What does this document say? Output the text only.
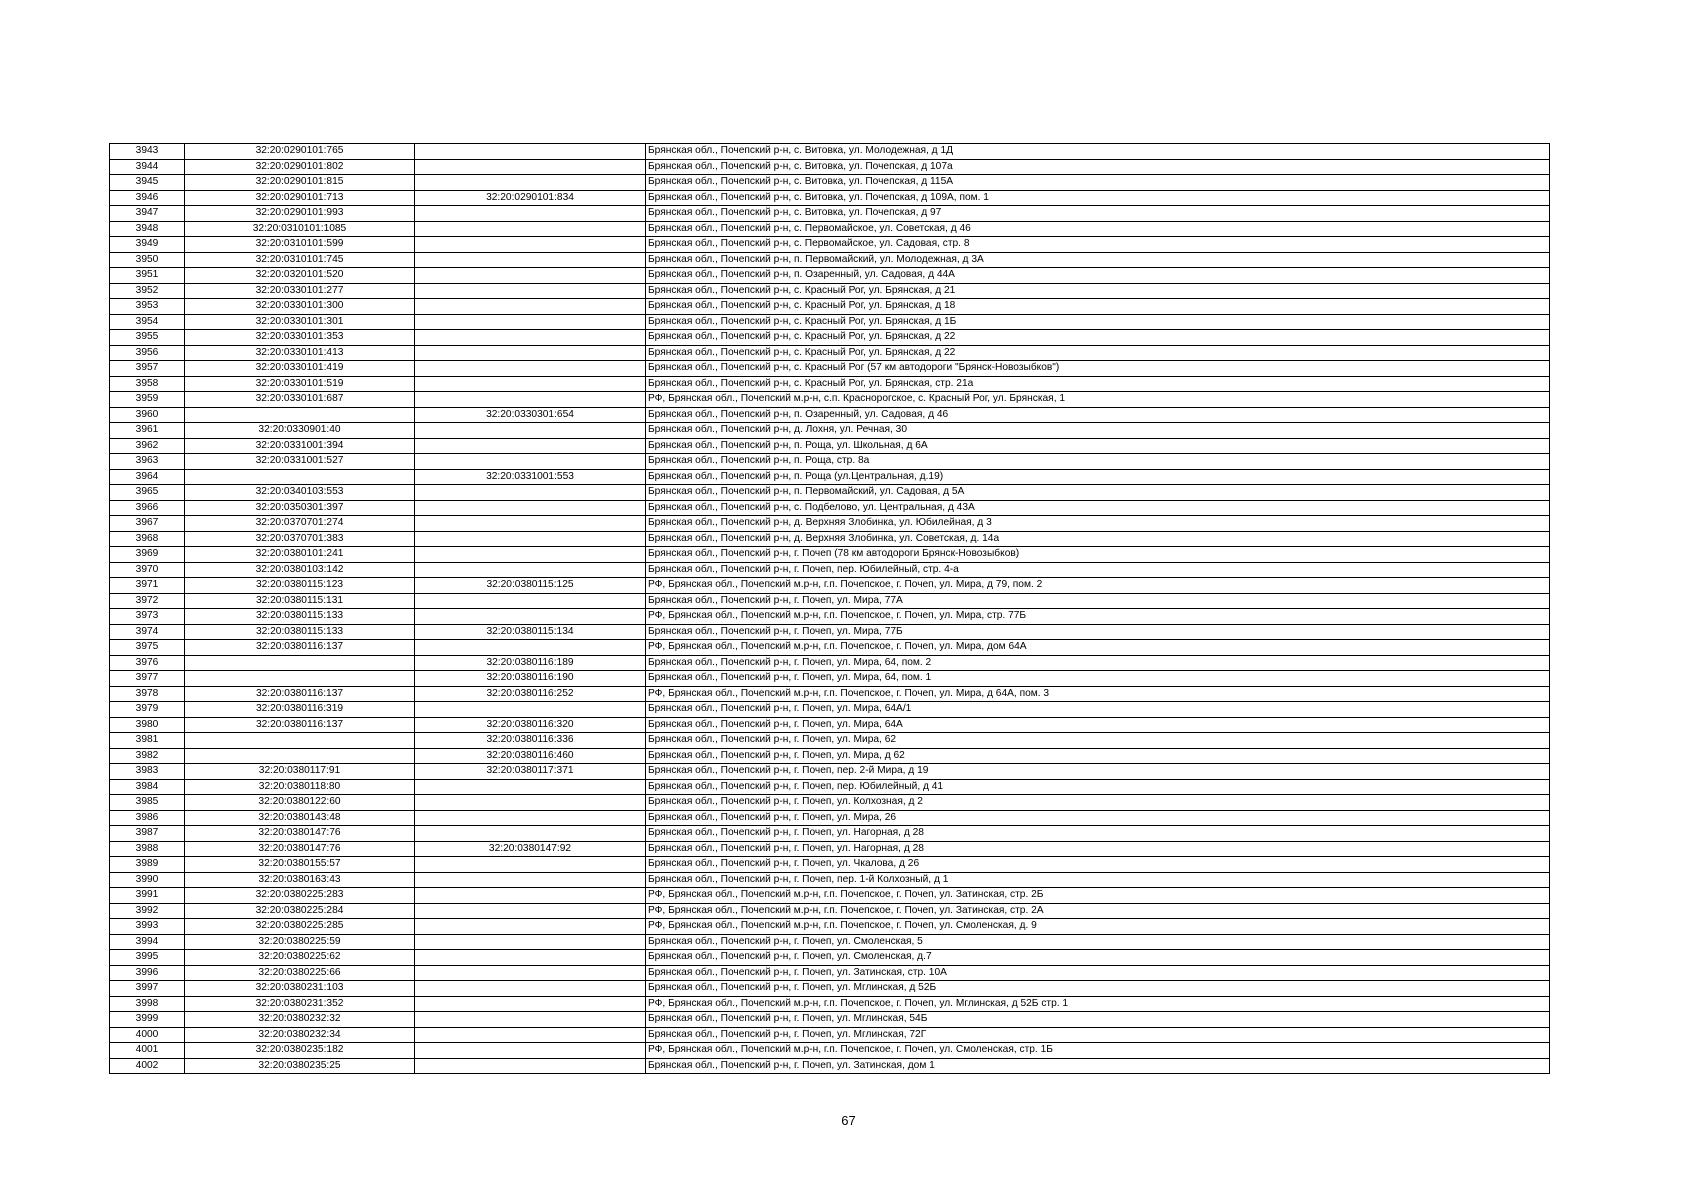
3943	32:20:0290101:765		Брянская обл., Почепский р-н, с. Витовка, ул. Молодежная, д 1Д
3944	32:20:0290101:802		Брянская обл., Почепский р-н, с. Витовка, ул. Почепская, д 107а
3945	32:20:0290101:815		Брянская обл., Почепский р-н, с. Витовка, ул. Почепская, д 115А
3946	32:20:0290101:713	32:20:0290101:834	Брянская обл., Почепский р-н, с. Витовка, ул. Почепская, д 109А, пом. 1
3947	32:20:0290101:993		Брянская обл., Почепский р-н, с. Витовка, ул. Почепская, д 97
3948	32:20:0310101:1085		Брянская обл., Почепский р-н, с. Первомайское, ул. Советская, д 46
3949	32:20:0310101:599		Брянская обл., Почепский р-н, с. Первомайское, ул. Садовая, стр. 8
3950	32:20:0310101:745		Брянская обл., Почепский р-н, п. Первомайский, ул. Молодежная, д 3А
3951	32:20:0320101:520		Брянская обл., Почепский р-н, п. Озаренный, ул. Садовая, д 44А
3952	32:20:0330101:277		Брянская обл., Почепский р-н, с. Красный Рог, ул. Брянская, д 21
3953	32:20:0330101:300		Брянская обл., Почепский р-н, с. Красный Рог, ул. Брянская, д 18
3954	32:20:0330101:301		Брянская обл., Почепский р-н, с. Красный Рог, ул. Брянская, д 1Б
3955	32:20:0330101:353		Брянская обл., Почепский р-н, с. Красный Рог, ул. Брянская, д 22
3956	32:20:0330101:413		Брянская обл., Почепский р-н, с. Красный Рог, ул. Брянская, д 22
3957	32:20:0330101:419		Брянская обл., Почепский р-н, с. Красный Рог (57 км автодороги "Брянск-Новозыбков")
3958	32:20:0330101:519		Брянская обл., Почепский р-н, с. Красный Рог, ул. Брянская, стр. 21а
3959	32:20:0330101:687		РФ, Брянская обл., Почепский м.р-н, с.п. Краснорогское, с. Красный Рог, ул. Брянская, 1
3960		32:20:0330301:654	Брянская обл., Почепский р-н, п. Озаренный, ул. Садовая, д 46
3961	32:20:0330901:40		Брянская обл., Почепский р-н, д. Лохня, ул. Речная, 30
3962	32:20:0331001:394		Брянская обл., Почепский р-н, п. Роща, ул. Школьная, д 6А
3963	32:20:0331001:527		Брянская обл., Почепский р-н, п. Роща, стр. 8а
3964		32:20:0331001:553	Брянская обл., Почепский р-н, п. Роща (ул.Центральная, д.19)
3965	32:20:0340103:553		Брянская обл., Почепский р-н, п. Первомайский, ул. Садовая, д 5А
3966	32:20:0350301:397		Брянская обл., Почепский р-н, с. Подбелово, ул. Центральная, д 43А
3967	32:20:0370701:274		Брянская обл., Почепский р-н, д. Верхняя Злобинка, ул. Юбилейная, д 3
3968	32:20:0370701:383		Брянская обл., Почепский р-н, д. Верхняя Злобинка, ул. Советская, д. 14а
3969	32:20:0380101:241		Брянская обл., Почепский р-н, г. Почеп (78 км автодороги Брянск-Новозыбков)
3970	32:20:0380103:142		Брянская обл., Почепский р-н, г. Почеп, пер. Юбилейный, стр. 4-а
3971	32:20:0380115:123	32:20:0380115:125	РФ, Брянская обл., Почепский м.р-н, г.п. Почепское, г. Почеп, ул. Мира, д 79, пом. 2
3972	32:20:0380115:131		Брянская обл., Почепский р-н, г. Почеп, ул. Мира, 77А
3973	32:20:0380115:133		РФ, Брянская обл., Почепский м.р-н, г.п. Почепское, г. Почеп, ул. Мира, стр. 77Б
3974	32:20:0380115:133	32:20:0380115:134	Брянская обл., Почепский р-н, г. Почеп, ул. Мира, 77Б
3975	32:20:0380116:137		РФ, Брянская обл., Почепский м.р-н, г.п. Почепское, г. Почеп, ул. Мира, дом 64А
3976		32:20:0380116:189	Брянская обл., Почепский р-н, г. Почеп, ул. Мира, 64, пом. 2
3977		32:20:0380116:190	Брянская обл., Почепский р-н, г. Почеп, ул. Мира, 64, пом. 1
3978	32:20:0380116:137	32:20:0380116:252	РФ, Брянская обл., Почепский м.р-н, г.п. Почепское, г. Почеп, ул. Мира, д 64А, пом. 3
3979	32:20:0380116:319		Брянская обл., Почепский р-н, г. Почеп, ул. Мира, 64А/1
3980	32:20:0380116:137	32:20:0380116:320	Брянская обл., Почепский р-н, г. Почеп, ул. Мира, 64А
3981		32:20:0380116:336	Брянская обл., Почепский р-н, г. Почеп, ул. Мира, 62
3982		32:20:0380116:460	Брянская обл., Почепский р-н, г. Почеп, ул. Мира, д 62
3983	32:20:0380117:91	32:20:0380117:371	Брянская обл., Почепский р-н, г. Почеп, пер. 2-й Мира, д 19
3984	32:20:0380118:80		Брянская обл., Почепский р-н, г. Почеп, пер. Юбилейный, д 41
3985	32:20:0380122:60		Брянская обл., Почепский р-н, г. Почеп, ул. Колхозная, д 2
3986	32:20:0380143:48		Брянская обл., Почепский р-н, г. Почеп, ул. Мира, 26
3987	32:20:0380147:76		Брянская обл., Почепский р-н, г. Почеп, ул. Нагорная, д 28
3988	32:20:0380147:76	32:20:0380147:92	Брянская обл., Почепский р-н, г. Почеп, ул. Нагорная, д 28
3989	32:20:0380155:57		Брянская обл., Почепский р-н, г. Почеп, ул. Чкалова, д 26
3990	32:20:0380163:43		Брянская обл., Почепский р-н, г. Почеп, пер. 1-й Колхозный, д 1
3991	32:20:0380225:283		РФ, Брянская обл., Почепский м.р-н, г.п. Почепское, г. Почеп, ул. Затинская, стр. 2Б
3992	32:20:0380225:284		РФ, Брянская обл., Почепский м.р-н, г.п. Почепское, г. Почеп, ул. Затинская, стр. 2А
3993	32:20:0380225:285		РФ, Брянская обл., Почепский м.р-н, г.п. Почепское, г. Почеп, ул. Смоленская, д. 9
3994	32:20:0380225:59		Брянская обл., Почепский р-н, г. Почеп, ул. Смоленская, 5
3995	32:20:0380225:62		Брянская обл., Почепский р-н, г. Почеп, ул. Смоленская, д.7
3996	32:20:0380225:66		Брянская обл., Почепский р-н, г. Почеп, ул. Затинская, стр. 10А
3997	32:20:0380231:103		Брянская обл., Почепский р-н, г. Почеп, ул. Мглинская, д 52Б
3998	32:20:0380231:352		РФ, Брянская обл., Почепский м.р-н, г.п. Почепское, г. Почеп, ул. Мглинская, д 52Б стр. 1
3999	32:20:0380232:32		Брянская обл., Почепский р-н, г. Почеп, ул. Мглинская, 54Б
4000	32:20:0380232:34		Брянская обл., Почепский р-н, г. Почеп, ул. Мглинская, 72Г
4001	32:20:0380235:182		РФ, Брянская обл., Почепский м.р-н, г.п. Почепское, г. Почеп, ул. Смоленская, стр. 1Б
4002	32:20:0380235:25		Брянская обл., Почепский р-н, г. Почеп, ул. Затинская, дом 1
67
